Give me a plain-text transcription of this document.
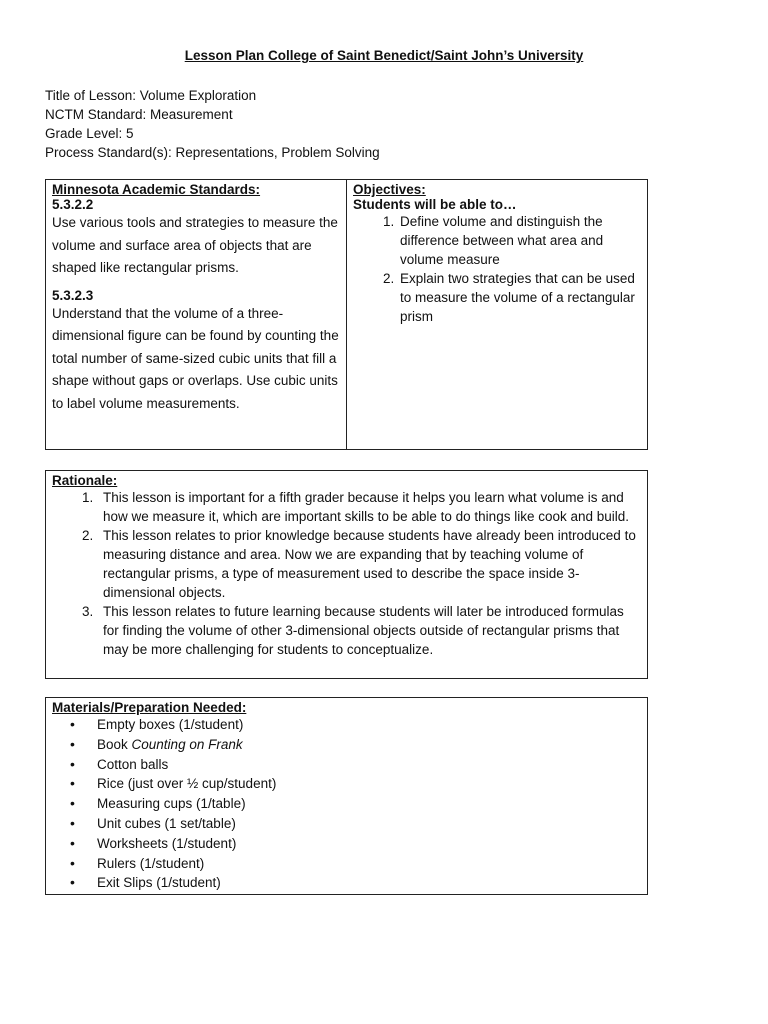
Lesson Plan College of Saint Benedict/Saint John’s University
Title of Lesson: Volume Exploration
NCTM Standard: Measurement
Grade Level: 5
Process Standard(s): Representations, Problem Solving
Minnesota Academic Standards:
5.3.2.2

Use various tools and strategies to measure the volume and surface area of objects that are shaped like rectangular prisms.

5.3.2.3

Understand that the volume of a three-dimensional figure can be found by counting the total number of same-sized cubic units that fill a shape without gaps or overlaps. Use cubic units to label volume measurements.

Objectives:
Students will be able to…
1. Define volume and distinguish the difference between what area and volume measure
2. Explain two strategies that can be used to measure the volume of a rectangular prism
Rationale:
1. This lesson is important for a fifth grader because it helps you learn what volume is and how we measure it, which are important skills to be able to do things like cook and build.
2. This lesson relates to prior knowledge because students have already been introduced to measuring distance and area. Now we are expanding that by teaching volume of rectangular prisms, a type of measurement used to describe the space inside 3-dimensional objects.
3. This lesson relates to future learning because students will later be introduced formulas for finding the volume of other 3-dimensional objects outside of rectangular prisms that may be more challenging for students to conceptualize.
Materials/Preparation Needed:
• Empty boxes (1/student)
• Book Counting on Frank
• Cotton balls
• Rice (just over ½ cup/student)
• Measuring cups (1/table)
• Unit cubes (1 set/table)
• Worksheets (1/student)
• Rulers (1/student)
• Exit Slips (1/student)
